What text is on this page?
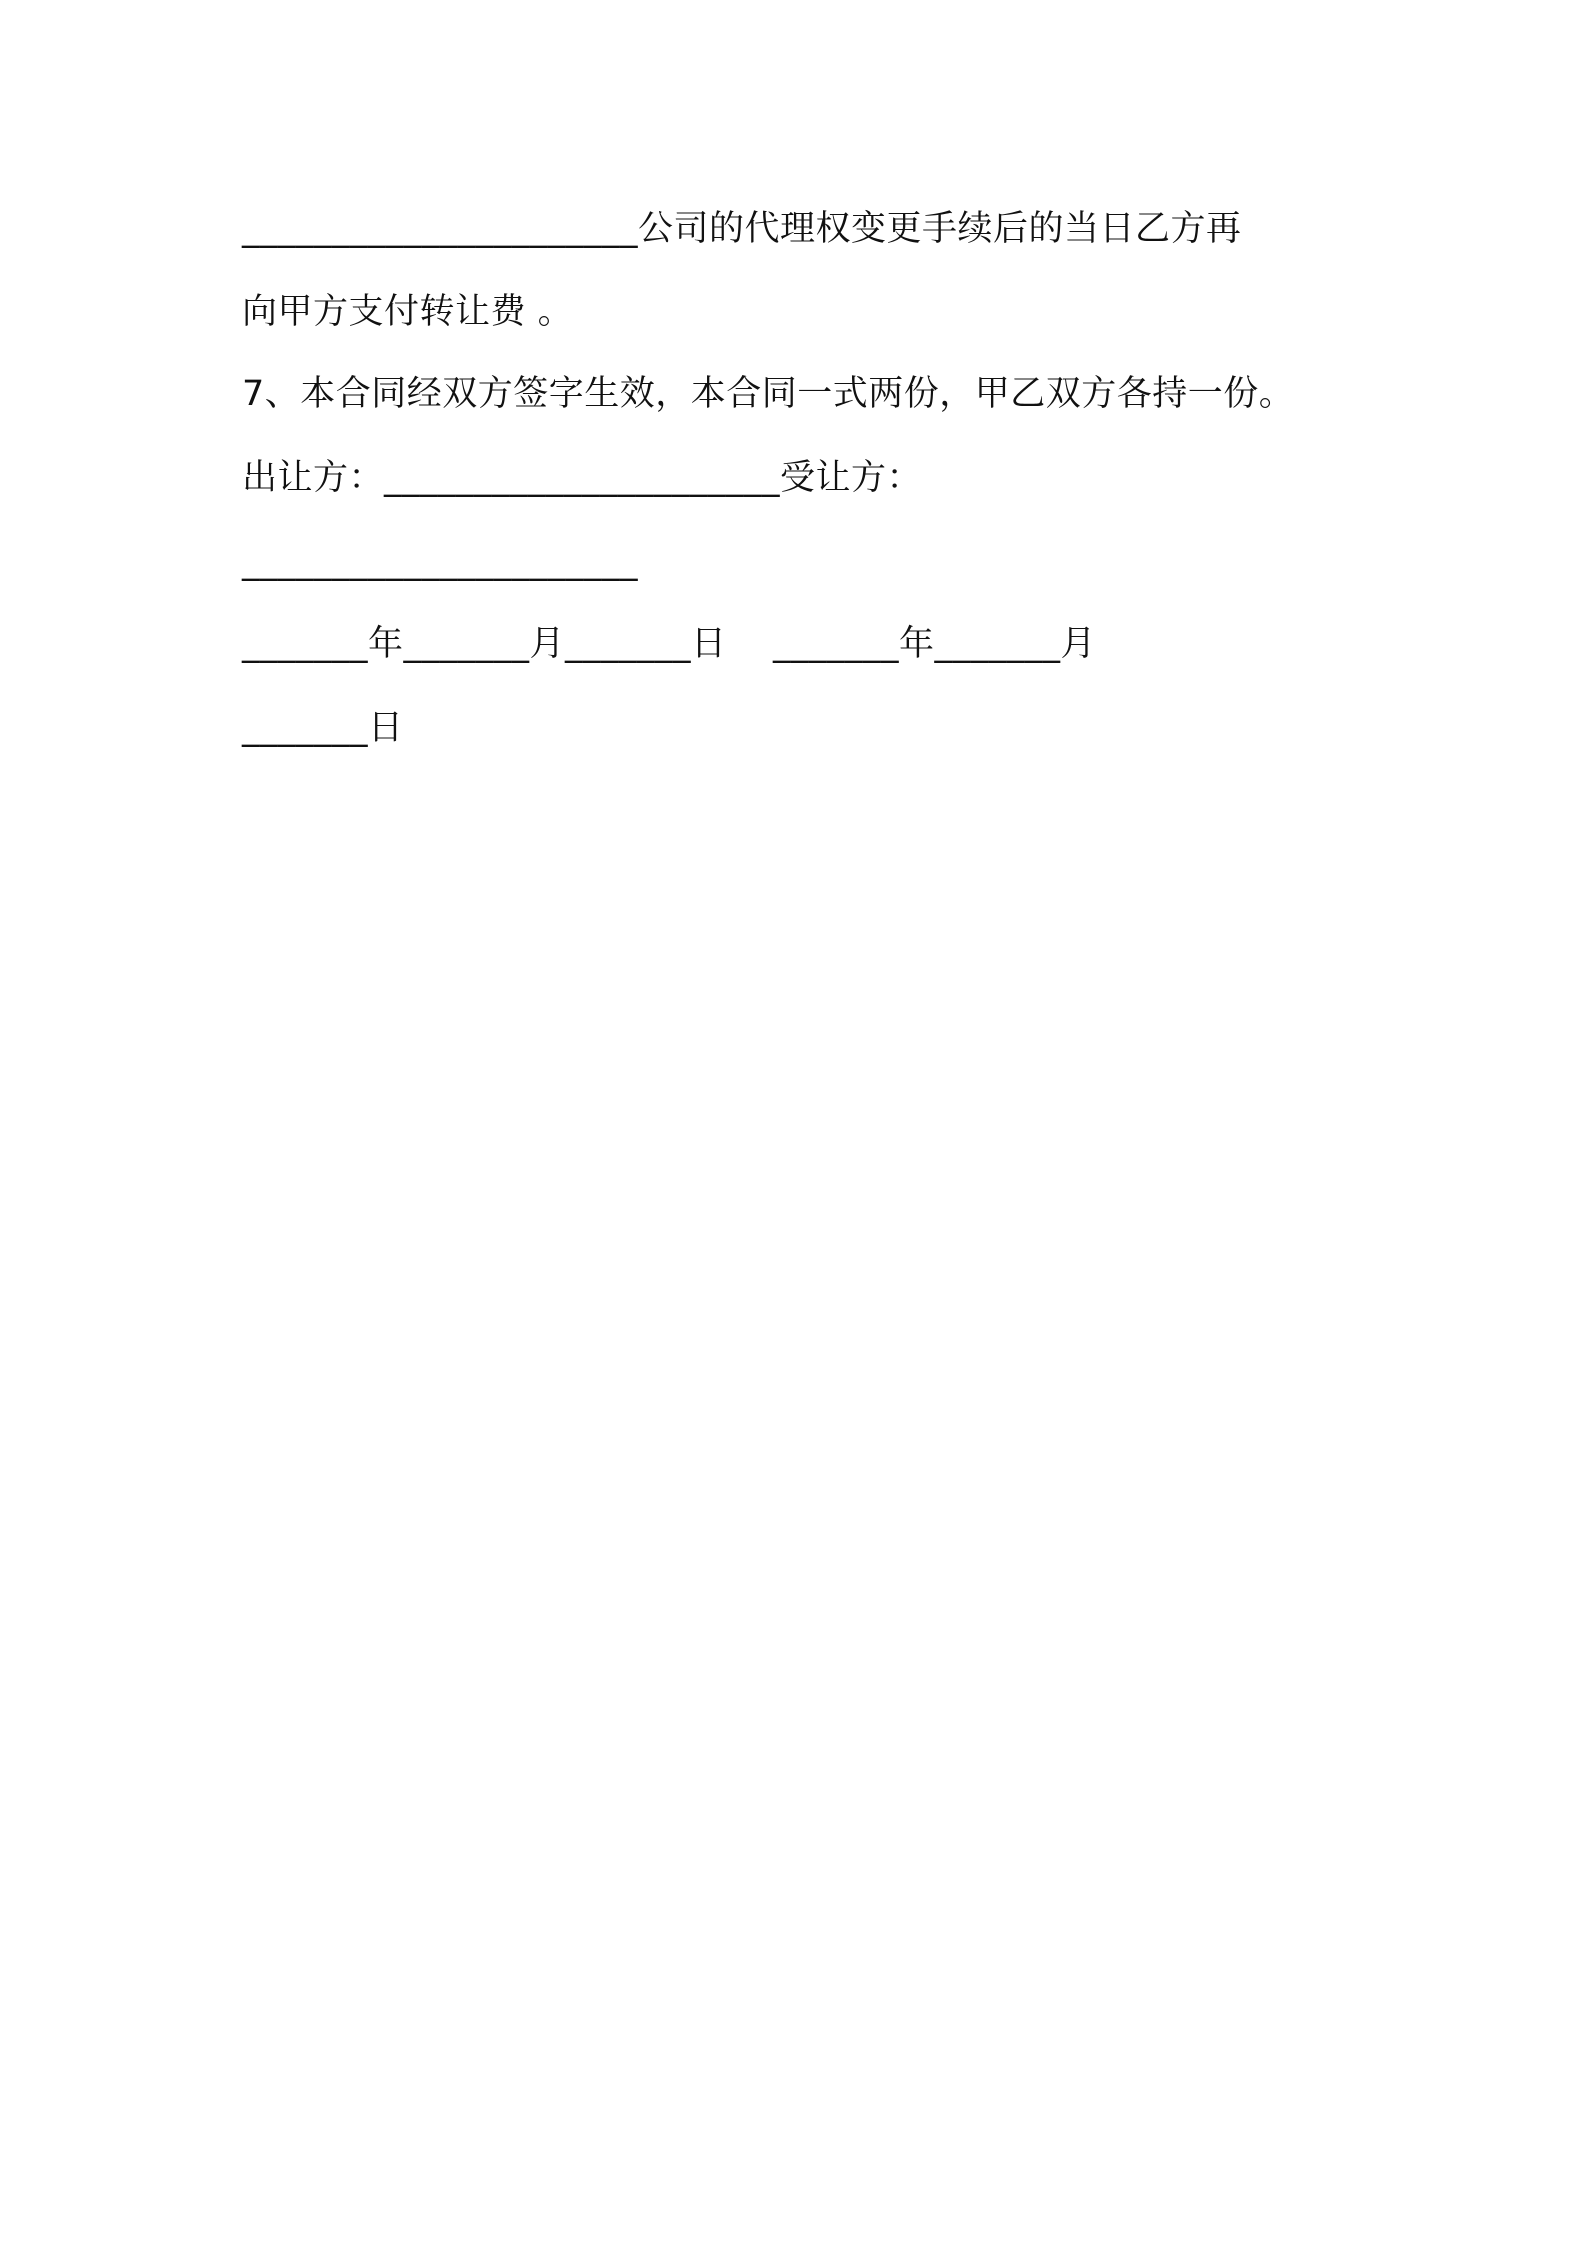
______________________公司的代理权变更手续后的当日乙方再
向甲方支付转让费 。
7、本合同经双方签字生效，本合同一式两份，甲乙双方各持一份。
出让方：______________________受让方：
______________________
_______年_______月_______日    _______年_______月
_______日
